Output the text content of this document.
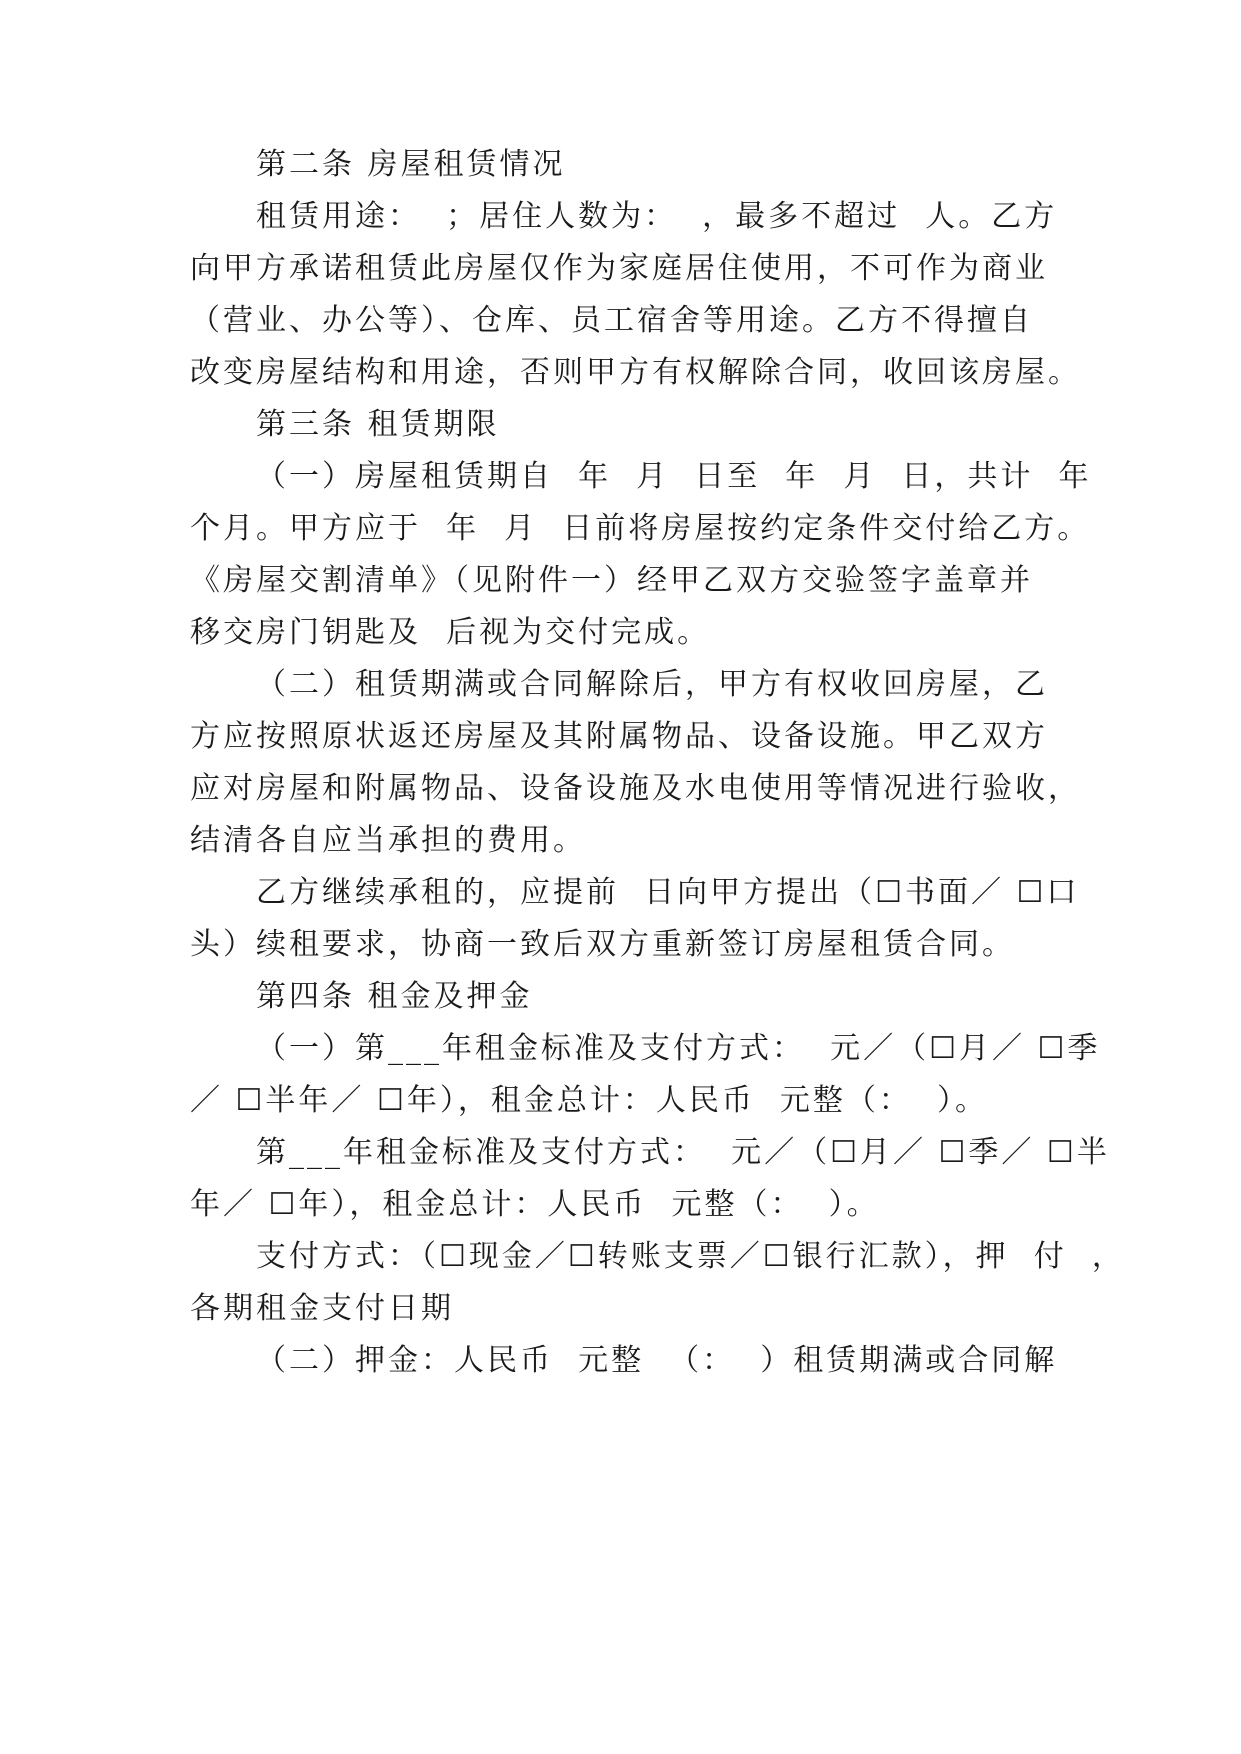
第二条 房屋租赁情况
租赁用途：  ；居住人数为：  ，最多不超过  人。乙方
向甲方承诺租赁此房屋仅作为家庭居住使用，不可作为商业
（营业、办公等）、仓库、员工宿舍等用途。乙方不得擅自
改变房屋结构和用途，否则甲方有权解除合同，收回该房屋。
第三条 租赁期限
（一）房屋租赁期自  年  月  日至  年  月  日，共计  年
个月。甲方应于  年  月  日前将房屋按约定条件交付给乙方。
《房屋交割清单》（见附件一）经甲乙双方交验签字盖章并
移交房门钥匙及  后视为交付完成。
（二）租赁期满或合同解除后，甲方有权收回房屋，乙
方应按照原状返还房屋及其附属物品、设备设施。甲乙双方
应对房屋和附属物品、设备设施及水电使用等情况进行验收，
结清各自应当承担的费用。
乙方继续承租的，应提前  日向甲方提出（☐书面／ ☐口
头）续租要求，协商一致后双方重新签订房屋租赁合同。
第四条 租金及押金
（一）第___年租金标准及支付方式：  元／（☐月／ ☐季
／ ☐半年／ ☐年），租金总计：人民币  元整（：  ）。
第___年租金标准及支付方式：  元／（☐月／ ☐季／ ☐半
年／ ☐年），租金总计：人民币  元整（：  ）。
支付方式：（☐现金／☐转账支票／☐银行汇款），押  付  ，
各期租金支付日期
（二）押金：人民币  元整  （：  ）租赁期满或合同解
